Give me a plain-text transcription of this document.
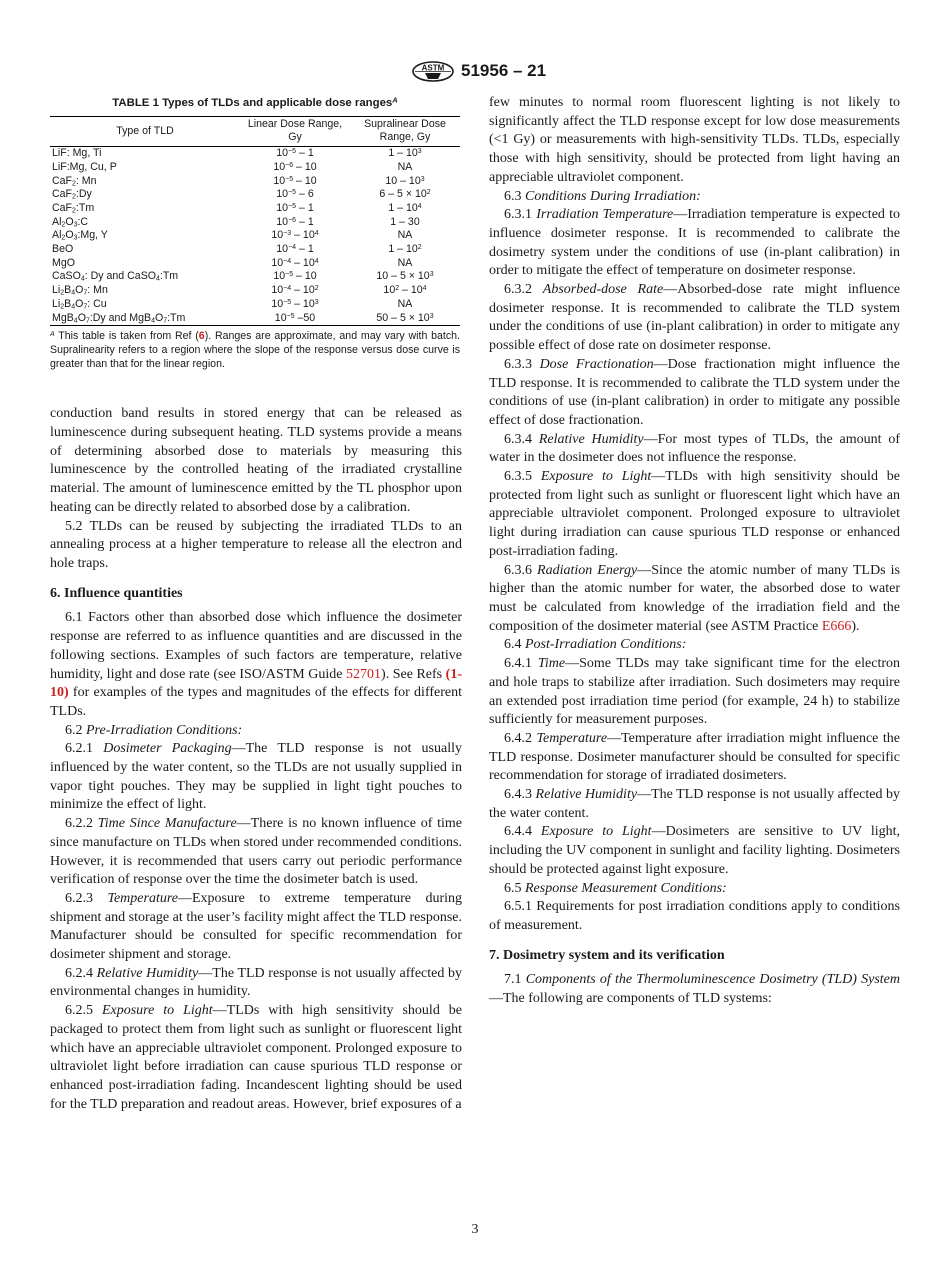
ASTM 51956 – 21
TABLE 1 Types of TLDs and applicable dose ranges$^A$
Type of TLD	Linear Dose Range, Gy	Supralinear Dose Range, Gy
LiF: Mg, Ti	$10^{-5} - 1$	$1 - 10^3$
LiF:Mg, Cu, P	$10^{-6} - 10$	NA
CaF$_2$: Mn	$10^{-5} - 10$	$10 - 10^3$
CaF$_2$:Dy	$10^{-5} - 6$	$6 - 5 \times 10^2$
CaF$_2$:Tm	$10^{-5} - 1$	$1 - 10^4$
$Al_2O_3:C$	$10^{-6} - 1$	1 – 30
$Al_2O_3:Mg$, Y	$10^{-3} - 10^4$	NA
BeO	$10^{-4} - 1$	$1 - 10^2$
MgO	$10^{-4} - 10^4$	NA
CaSO$_4$: Dy and CaSO$_4$:Tm	$10^{-5} - 10$	$10 - 5 \times 10^3$
$Li_2B_4O_7$: Mn	$10^{-4} - 10^2$	$10^2 - 10^4$
$Li_2B_4O_7$: Cu	$10^{-5} - 10^3$	NA
$MgB_4O_7:Dy$ and $MgB_4O_7:Tm$	$10^{-5}$ –50	$50 - 5 \times 10^3$
$^A$ This table is taken from Ref (6). Ranges are approximate, and may vary with batch. Supralinearity refers to a region where the slope of the response versus dose curve is greater than that for the linear region.
conduction band results in stored energy that can be released as luminescence during subsequent heating. TLD systems provide a means of determining absorbed dose to materials by measuring this luminescence by the controlled heating of the irradiated crystalline material. The amount of luminescence emitted by the TL phosphor upon heating can be directly related to absorbed dose by a calibration.
5.2 TLDs can be reused by subjecting the irradiated TLDs to an annealing process at a higher temperature to release all the electron and hole traps.
6. Influence quantities
6.1 Factors other than absorbed dose which influence the dosimeter response are referred to as influence quantities and are discussed in the following sections. Examples of such factors are temperature, relative humidity, light and dose rate (see ISO/ASTM Guide 52701). See Refs (1-10) for examples of the types and magnitudes of the effects for different TLDs.
6.2 Pre-Irradiation Conditions:
6.2.1 Dosimeter Packaging—The TLD response is not usually influenced by the water content, so the TLDs are not usually supplied in vapor tight pouches. They may be supplied in light tight pouches to minimize the effect of light.
6.2.2 Time Since Manufacture—There is no known influence of time since manufacture on TLDs when stored under recommended conditions. However, it is recommended that users carry out periodic performance verification of response over the time the dosimeter batch is used.
6.2.3 Temperature—Exposure to extreme temperature during shipment and storage at the user’s facility might affect the TLD response. Manufacturer should be consulted for specific recommendation for dosimeter shipment and storage.
6.2.4 Relative Humidity—The TLD response is not usually affected by environmental changes in humidity.
6.2.5 Exposure to Light—TLDs with high sensitivity should be packaged to protect them from light such as sunlight or fluorescent light which have an appreciable ultraviolet component. Prolonged exposure to ultraviolet light before irradiation can cause spurious TLD response or enhanced post-irradiation fading. Incandescent lighting should be used for the TLD preparation and readout areas. However, brief exposures of a
few minutes to normal room fluorescent lighting is not likely to significantly affect the TLD response except for low dose measurements (<1 Gy) or measurements with high-sensitivity TLDs. TLDs, especially those with high sensitivity, should be protected from light having an appreciable ultraviolet component.
6.3 Conditions During Irradiation:
6.3.1 Irradiation Temperature—Irradiation temperature is expected to influence dosimeter response. It is recommended to calibrate the dosimetry system under the conditions of use (in-plant calibration) in order to mitigate the effect of temperature on dosimeter response.
6.3.2 Absorbed-dose Rate—Absorbed-dose rate might influence dosimeter response. It is recommended to calibrate the TLD system under the conditions of use (in-plant calibration) in order to mitigate any possible effect of dose rate on dosimeter response.
6.3.3 Dose Fractionation—Dose fractionation might influence the TLD response. It is recommended to calibrate the TLD system under the conditions of use (in-plant calibration) in order to mitigate any possible effect of dose fractionation.
6.3.4 Relative Humidity—For most types of TLDs, the amount of water in the dosimeter does not influence the response.
6.3.5 Exposure to Light—TLDs with high sensitivity should be protected from light such as sunlight or fluorescent light which have an appreciable ultraviolet component. Prolonged exposure to ultraviolet light during irradiation can cause spurious TLD response or enhanced post-irradiation fading.
6.3.6 Radiation Energy—Since the atomic number of many TLDs is higher than the atomic number for water, the absorbed dose to water must be calculated from knowledge of the irradiation field and the composition of the dosimeter material (see ASTM Practice E666).
6.4 Post-Irradiation Conditions:
6.4.1 Time—Some TLDs may take significant time for the electron and hole traps to stabilize after irradiation. Such dosimeters may require an extended post irradiation time period (for example, 24 h) to stabilize sufficiently for measurement purposes.
6.4.2 Temperature—Temperature after irradiation might influence the TLD response. Dosimeter manufacturer should be consulted for specific recommendation for storage of irradiated dosimeters.
6.4.3 Relative Humidity—The TLD response is not usually affected by the water content.
6.4.4 Exposure to Light—Dosimeters are sensitive to UV light, including the UV component in sunlight and facility lighting. Dosimeters should be protected against light exposure.
6.5 Response Measurement Conditions:
6.5.1 Requirements for post irradiation conditions apply to conditions of measurement.
7. Dosimetry system and its verification
7.1 Components of the Thermoluminescence Dosimetry (TLD) System—The following are components of TLD systems:
3
